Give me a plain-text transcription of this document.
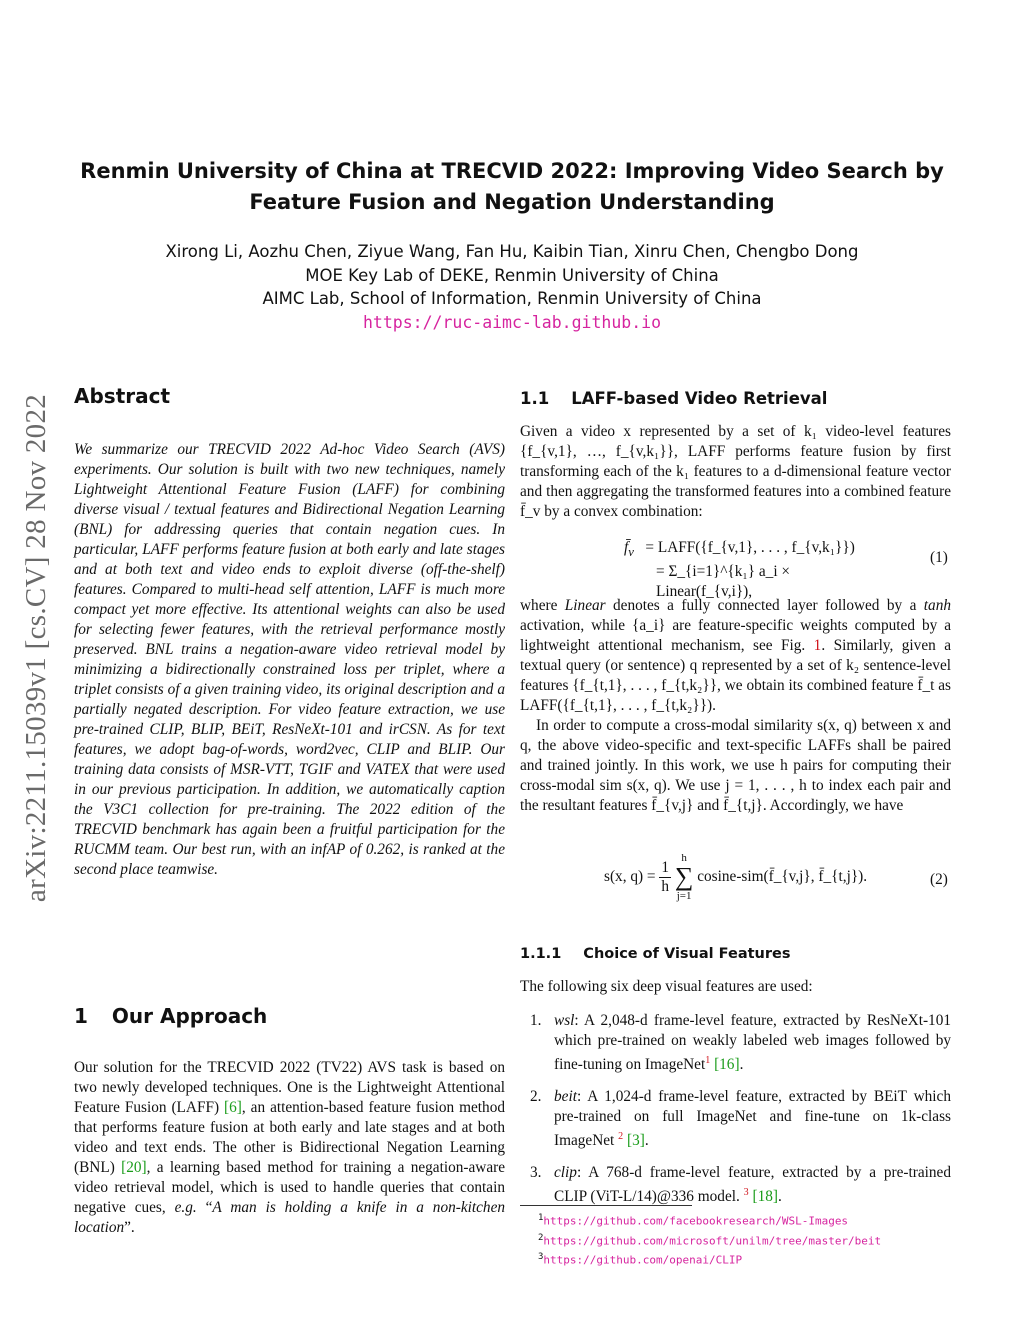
Renmin University of China at TRECVID 2022: Improving Video Search by
Feature Fusion and Negation Understanding
Xirong Li, Aozhu Chen, Ziyue Wang, Fan Hu, Kaibin Tian, Xinru Chen, Chengbo Dong
MOE Key Lab of DEKE, Renmin University of China
AIMC Lab, School of Information, Renmin University of China
https://ruc-aimc-lab.github.io
arXiv:2211.15039v1 [cs.CV] 28 Nov 2022	Abstract
We summarize our TRECVID 2022 Ad-hoc Video Search (AVS) experiments. Our solution is built with two new techniques, namely Lightweight Attentional Feature Fusion (LAFF) for combining diverse visual / textual features and Bidirectional Negation Learning (BNL) for addressing queries that contain negation cues. In particular, LAFF performs feature fusion at both early and late stages and at both text and video ends to exploit diverse (off-the-shelf) features. Compared to multi-head self attention, LAFF is much more compact yet more effective. Its attentional weights can also be used for selecting fewer features, with the retrieval performance mostly preserved. BNL trains a negation-aware video retrieval model by minimizing a bidirectionally constrained loss per triplet, where a triplet consists of a given training video, its original description and a partially negated description. For video feature extraction, we use pre-trained CLIP, BLIP, BEiT, ResNeXt-101 and irCSN. As for text features, we adopt bag-of-words, word2vec, CLIP and BLIP. Our training data consists of MSR-VTT, TGIF and VATEX that were used in our previous participation. In addition, we automatically caption the V3C1 collection for pre-training. The 2022 edition of the TRECVID benchmark has again been a fruitful participation for the RUCMM team. Our best run, with an infAP of 0.262, is ranked at the second place teamwise.
1 Our Approach
Our solution for the TRECVID 2022 (TV22) AVS task is based on two newly developed techniques. One is the Lightweight Attentional Feature Fusion (LAFF) [6], an attention-based feature fusion method that performs feature fusion at both early and late stages and at both video and text ends. The other is Bidirectional Negation Learning (BNL) [20], a learning based method for training a negation-aware video retrieval model, which is used to handle queries that contain negative cues, e.g. “A man is holding a knife in a non-kitchen location”.
1.1 LAFF-based Video Retrieval
Given a video x represented by a set of k₁ video-level features {f_{v,1}, …, f_{v,k₁}}, LAFF performs feature fusion by first transforming each of the k₁ features to a d-dimensional feature vector and then aggregating the transformed features into a combined feature f̄_v by a convex combination:
$f̄_v$ = LAFF({f_{v,1}, . . . , f_{v,k₁}})
= Σ_{i=1}^{k₁} a_i × Linear(f_{v,i}),
(1)
where Linear denotes a fully connected layer followed by a tanh activation, while {a_i} are feature-specific weights computed by a lightweight attentional mechanism, see Fig. 1. Similarly, given a textual query (or sentence) q represented by a set of k₂ sentence-level features {f_{t,1}, . . . , f_{t,k₂}}, we obtain its combined feature f̄_t as LAFF({f_{t,1}, . . . , f_{t,k₂}}).
In order to compute a cross-modal similarity s(x, q) between x and q, the above video-specific and text-specific LAFFs shall be paired and trained jointly. In this work, we use h pairs for computing their cross-modal sim s(x, q). We use j = 1, . . . , h to index each pair and the resultant features f̄_{v,j} and f̄_{t,j}. Accordingly, we have
s(x, $q) = \frac{1}{h}$

h
∑
j=1
cosine-sim(f̄_{v,j}, f̄_{t,j}).	(2)
1.1.1 Choice of Visual Features
The following six deep visual features are used:
1. wsl: A 2,048-d frame-level feature, extracted by ResNeXt-101 which pre-trained on weakly labeled web images followed by fine-tuning on ImageNet$^1$ [16].
2. beit: A 1,024-d frame-level feature, extracted by BEiT which pre-trained on full ImageNet and fine-tune on 1k-class ImageNet $^2$ [3].
3. clip: A 768-d frame-level feature, extracted by a pre-trained CLIP (ViT-L/14)@336 model. $^3$ [18].
$^1$https://github.com/facebookresearch/WSL-Images
$^2$https://github.com/microsoft/unilm/tree/master/beit
$^3$https://github.com/openai/CLIP
